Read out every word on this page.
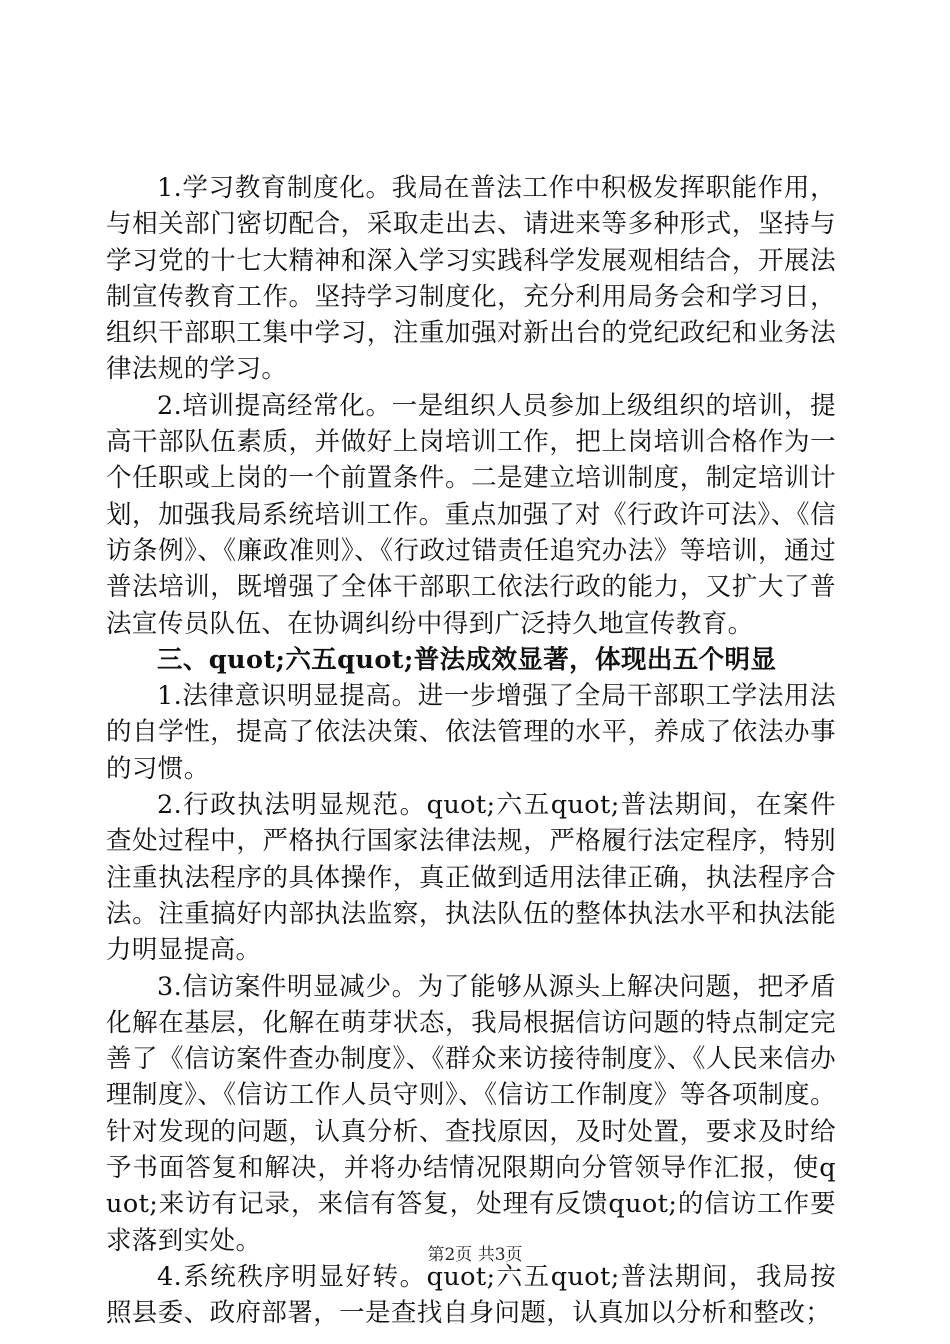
1.学习教育制度化。我局在普法工作中积极发挥职能作用，与相关部门密切配合，采取走出去、请进来等多种形式，坚持与学习党的十七大精神和深入学习实践科学发展观相结合，开展法制宣传教育工作。坚持学习制度化，充分利用局务会和学习日，组织干部职工集中学习，注重加强对新出台的党纪政纪和业务法律法规的学习。

2.培训提高经常化。一是组织人员参加上级组织的培训，提高干部队伍素质，并做好上岗培训工作，把上岗培训合格作为一个任职或上岗的一个前置条件。二是建立培训制度，制定培训计划，加强我局系统培训工作。重点加强了对《行政许可法》、《信访条例》、《廉政准则》、《行政过错责任追究办法》等培训，通过普法培训，既增强了全体干部职工依法行政的能力，又扩大了普法宣传员队伍、在协调纠纷中得到广泛持久地宣传教育。

三、quot;六五quot;普法成效显著，体现出五个明显

1.法律意识明显提高。进一步增强了全局干部职工学法用法的自学性，提高了依法决策、依法管理的水平，养成了依法办事的习惯。

2.行政执法明显规范。quot;六五quot;普法期间，在案件查处过程中，严格执行国家法律法规，严格履行法定程序，特别注重执法程序的具体操作，真正做到适用法律正确，执法程序合法。注重搞好内部执法监察，执法队伍的整体执法水平和执法能力明显提高。

3.信访案件明显减少。为了能够从源头上解决问题，把矛盾化解在基层，化解在萌芽状态，我局根据信访问题的特点制定完善了《信访案件查办制度》、《群众来访接待制度》、《人民来信办理制度》、《信访工作人员守则》、《信访工作制度》等各项制度。针对发现的问题，认真分析、查找原因，及时处置，要求及时给予书面答复和解决，并将办结情况限期向分管领导作汇报，使quot;来访有记录，来信有答复，处理有反馈quot;的信访工作要求落到实处。

4.系统秩序明显好转。quot;六五quot;普法期间，我局按照县委、政府部署，一是查找自身问题，认真加以分析和整改；

第2页 共3页
